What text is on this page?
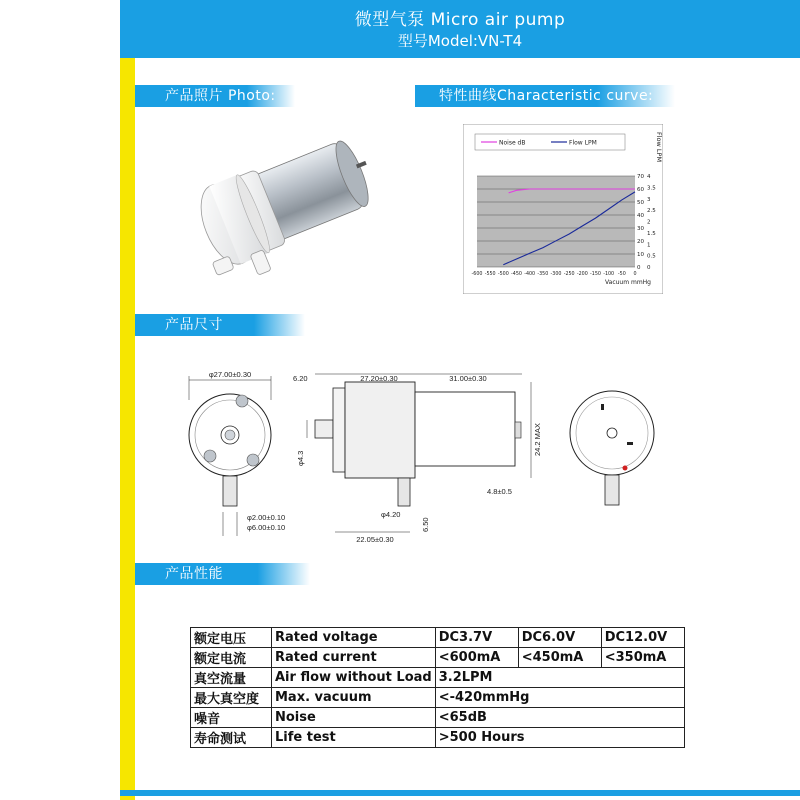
微型气泵 Micro air pump
型号Model:VN-T4
产品照片 Photo:	特性曲线Characteristic curve:
产品尺寸Dimension:
产品性能Characteristic:
Noise dB	Flow LPM	Flow LPM
0
10
20
30
40
50
60
70
0
0.5
1
1.5
2
2.5
3
3.5
4
-600 -550 -500 -450 -400 -350 -300 -250 -200 -150 -100 -50 0
Vacuum mmHg
φ27.00±0.30
φ2.00±0.10
φ6.00±0.10
6.20	27.20±0.30	31.00±0.30
φ4.3
24.2 MAX
φ4.20
6.50
22.05±0.30
4.8±0.5
额定电压	Rated voltage	DC3.7V	DC6.0V	DC12.0V
额定电流	Rated current	<600mA	<450mA	<350mA
真空流量	Air flow without Load	3.2LPM		
最大真空度	Max. vacuum	<-420mmHg		
噪音	Noise	<65dB		
寿命测试	Life test	>500 Hours		
